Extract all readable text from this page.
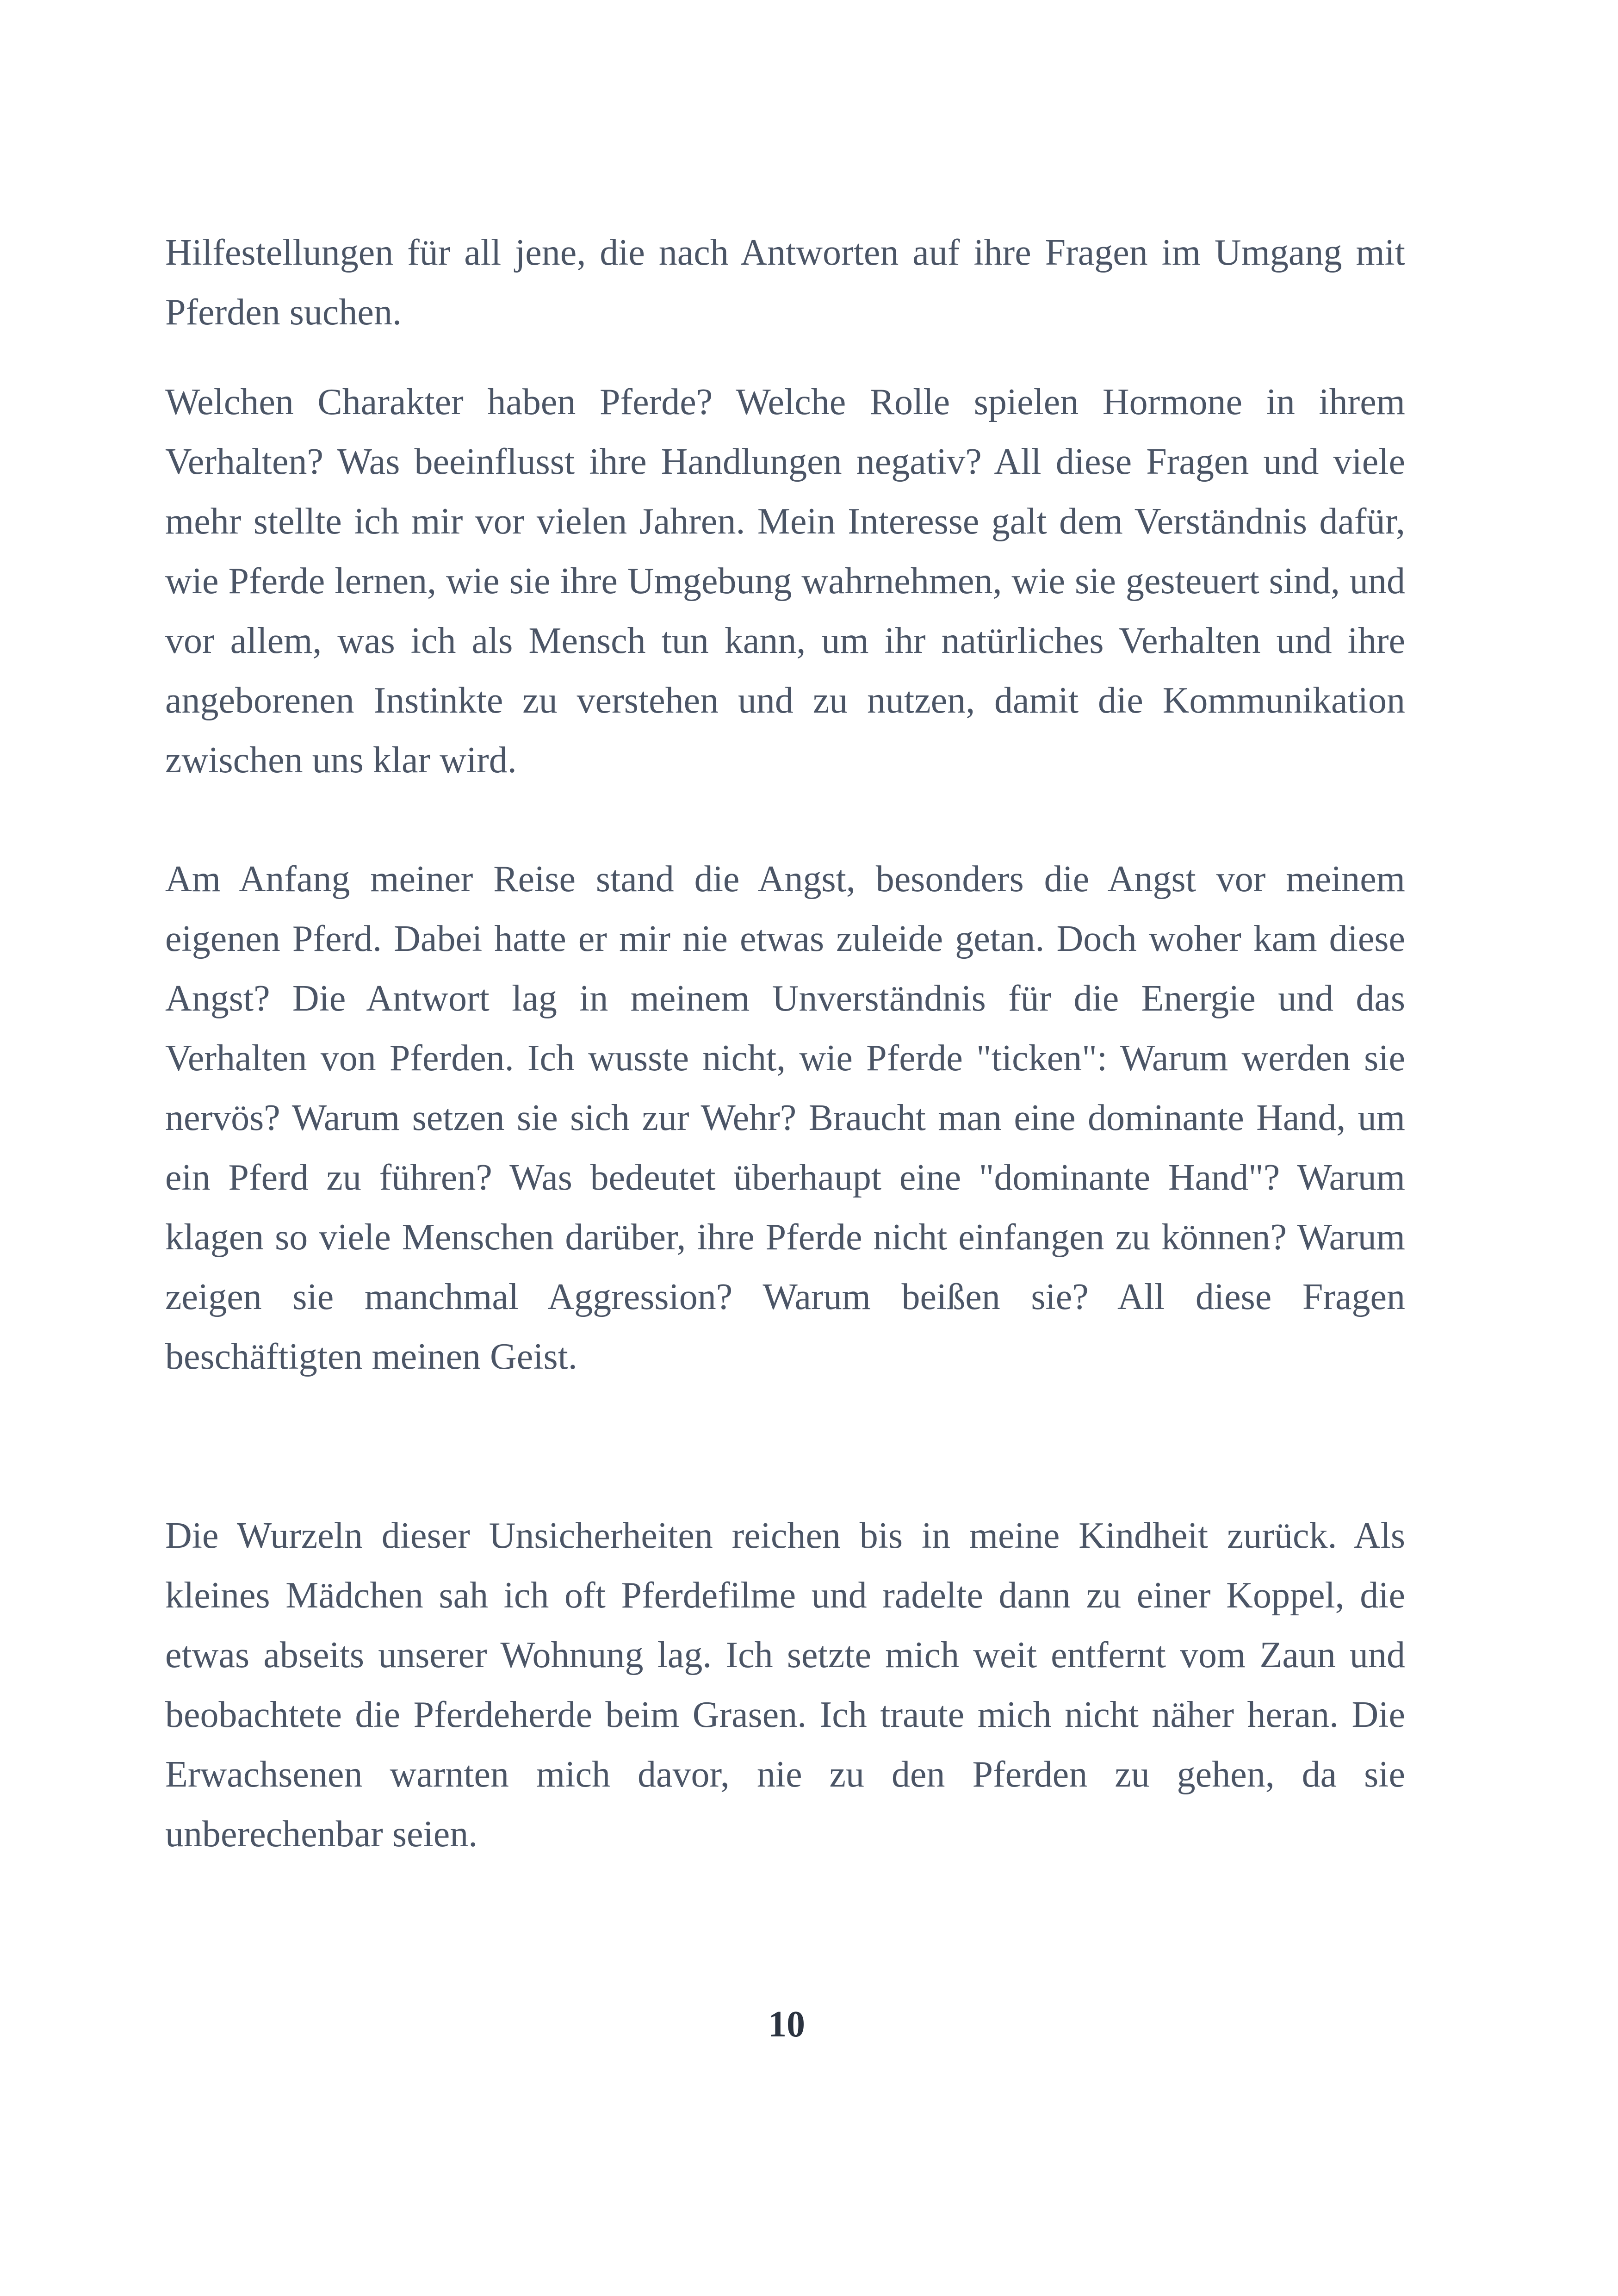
Hilfestellungen für all jene, die nach Antworten auf ihre Fragen im Umgang mit Pferden suchen.

Welchen Charakter haben Pferde? Welche Rolle spielen Hormone in ihrem Verhalten? Was beeinflusst ihre Handlungen negativ? All diese Fragen und viele mehr stellte ich mir vor vielen Jahren. Mein Interesse galt dem Verständnis dafür, wie Pferde lernen, wie sie ihre Umgebung wahrnehmen, wie sie gesteuert sind, und vor allem, was ich als Mensch tun kann, um ihr natürliches Verhalten und ihre angeborenen Instinkte zu verstehen und zu nutzen, damit die Kommunikation zwischen uns klar wird.

Am Anfang meiner Reise stand die Angst, besonders die Angst vor meinem eigenen Pferd. Dabei hatte er mir nie etwas zuleide getan. Doch woher kam diese Angst? Die Antwort lag in meinem Unverständnis für die Energie und das Verhalten von Pferden. Ich wusste nicht, wie Pferde "ticken": Warum werden sie nervös? Warum setzen sie sich zur Wehr? Braucht man eine dominante Hand, um ein Pferd zu führen? Was bedeutet überhaupt eine "dominante Hand"? Warum klagen so viele Menschen darüber, ihre Pferde nicht einfangen zu können? Warum zeigen sie manchmal Aggression? Warum beißen sie? All diese Fragen beschäftigten meinen Geist.

Die Wurzeln dieser Unsicherheiten reichen bis in meine Kindheit zurück. Als kleines Mädchen sah ich oft Pferdefilme und radelte dann zu einer Koppel, die etwas abseits unserer Wohnung lag. Ich setzte mich weit entfernt vom Zaun und beobachtete die Pferdeherde beim Grasen. Ich traute mich nicht näher heran. Die Erwachsenen warnten mich davor, nie zu den Pferden zu gehen, da sie unberechenbar seien.

10
